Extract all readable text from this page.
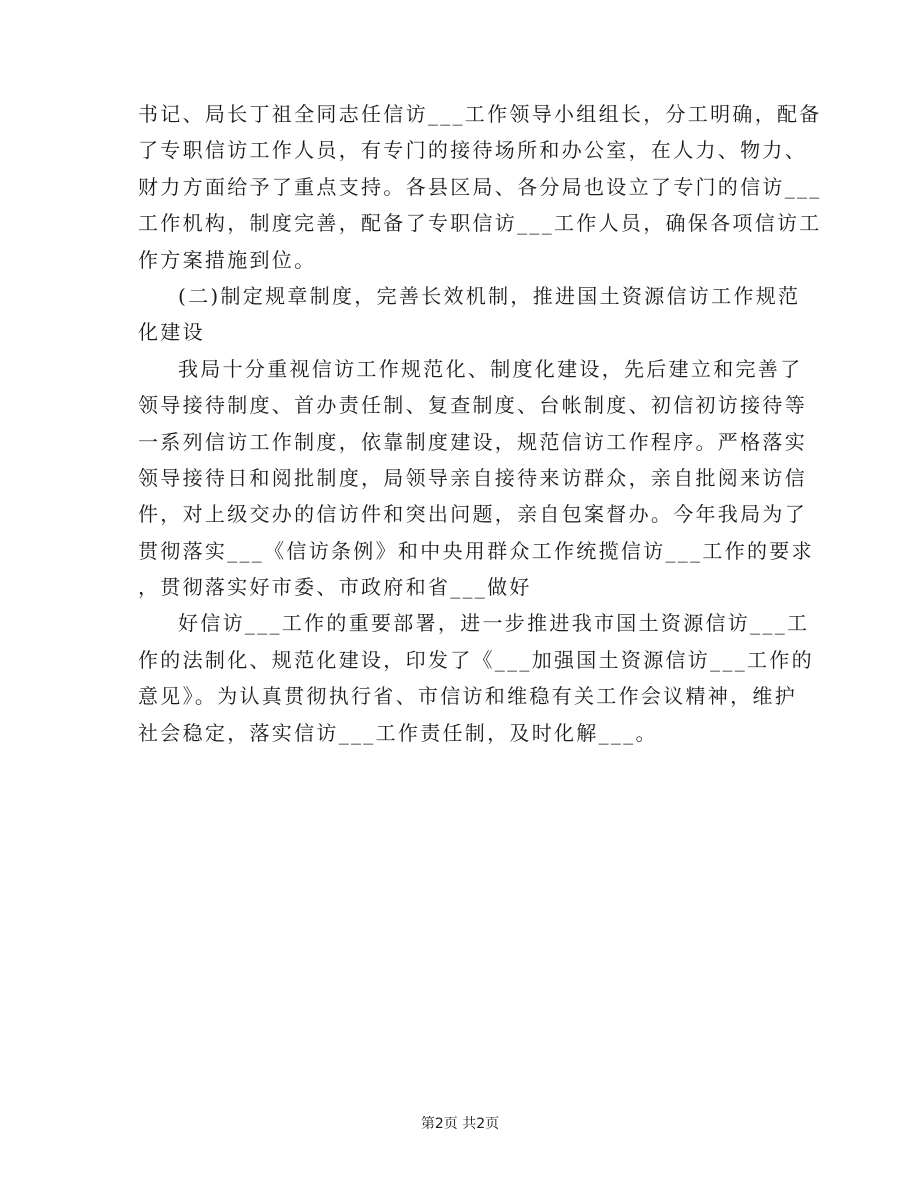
书记、局长丁祖全同志任信访___工作领导小组组长，分工明确，配备
了专职信访工作人员，有专门的接待场所和办公室，在人力、物力、
财力方面给予了重点支持。各县区局、各分局也设立了专门的信访___
工作机构，制度完善，配备了专职信访___工作人员，确保各项信访工
作方案措施到位。
(二)制定规章制度，完善长效机制，推进国土资源信访工作规范
化建设
我局十分重视信访工作规范化、制度化建设，先后建立和完善了
领导接待制度、首办责任制、复查制度、台帐制度、初信初访接待等
一系列信访工作制度，依靠制度建设，规范信访工作程序。严格落实
领导接待日和阅批制度，局领导亲自接待来访群众，亲自批阅来访信
件，对上级交办的信访件和突出问题，亲自包案督办。今年我局为了
贯彻落实___《信访条例》和中央用群众工作统揽信访___工作的要求
，贯彻落实好市委、市政府和省___做好
好信访___工作的重要部署，进一步推进我市国土资源信访___工
作的法制化、规范化建设，印发了《___加强国土资源信访___工作的
意见》。为认真贯彻执行省、市信访和维稳有关工作会议精神，维护
社会稳定，落实信访___工作责任制，及时化解___。
第2页 共2页
